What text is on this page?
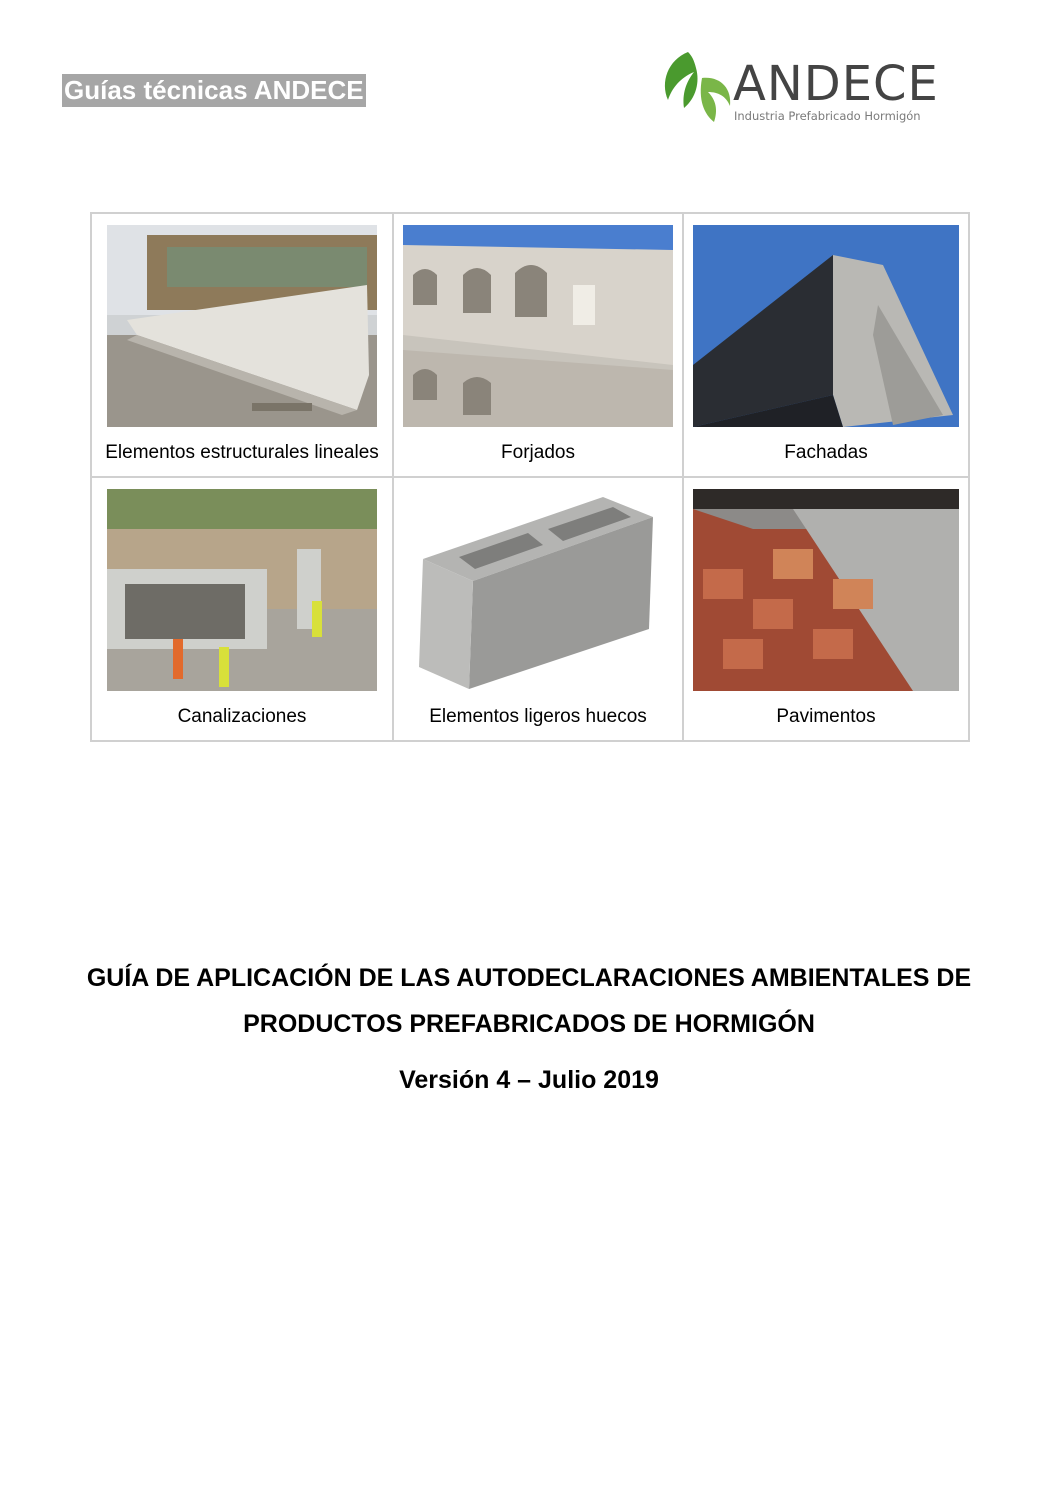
Guías técnicas ANDECE	ANDECE
Industria Prefabricado Hormigón
Elementos estructurales lineales	Forjados	Fachadas

Canalizaciones	Elementos ligeros huecos	Pavimentos
GUÍA DE APLICACIÓN DE LAS AUTODECLARACIONES AMBIENTALES DE
PRODUCTOS PREFABRICADOS DE HORMIGÓN
Versión 4 – Julio 2019
